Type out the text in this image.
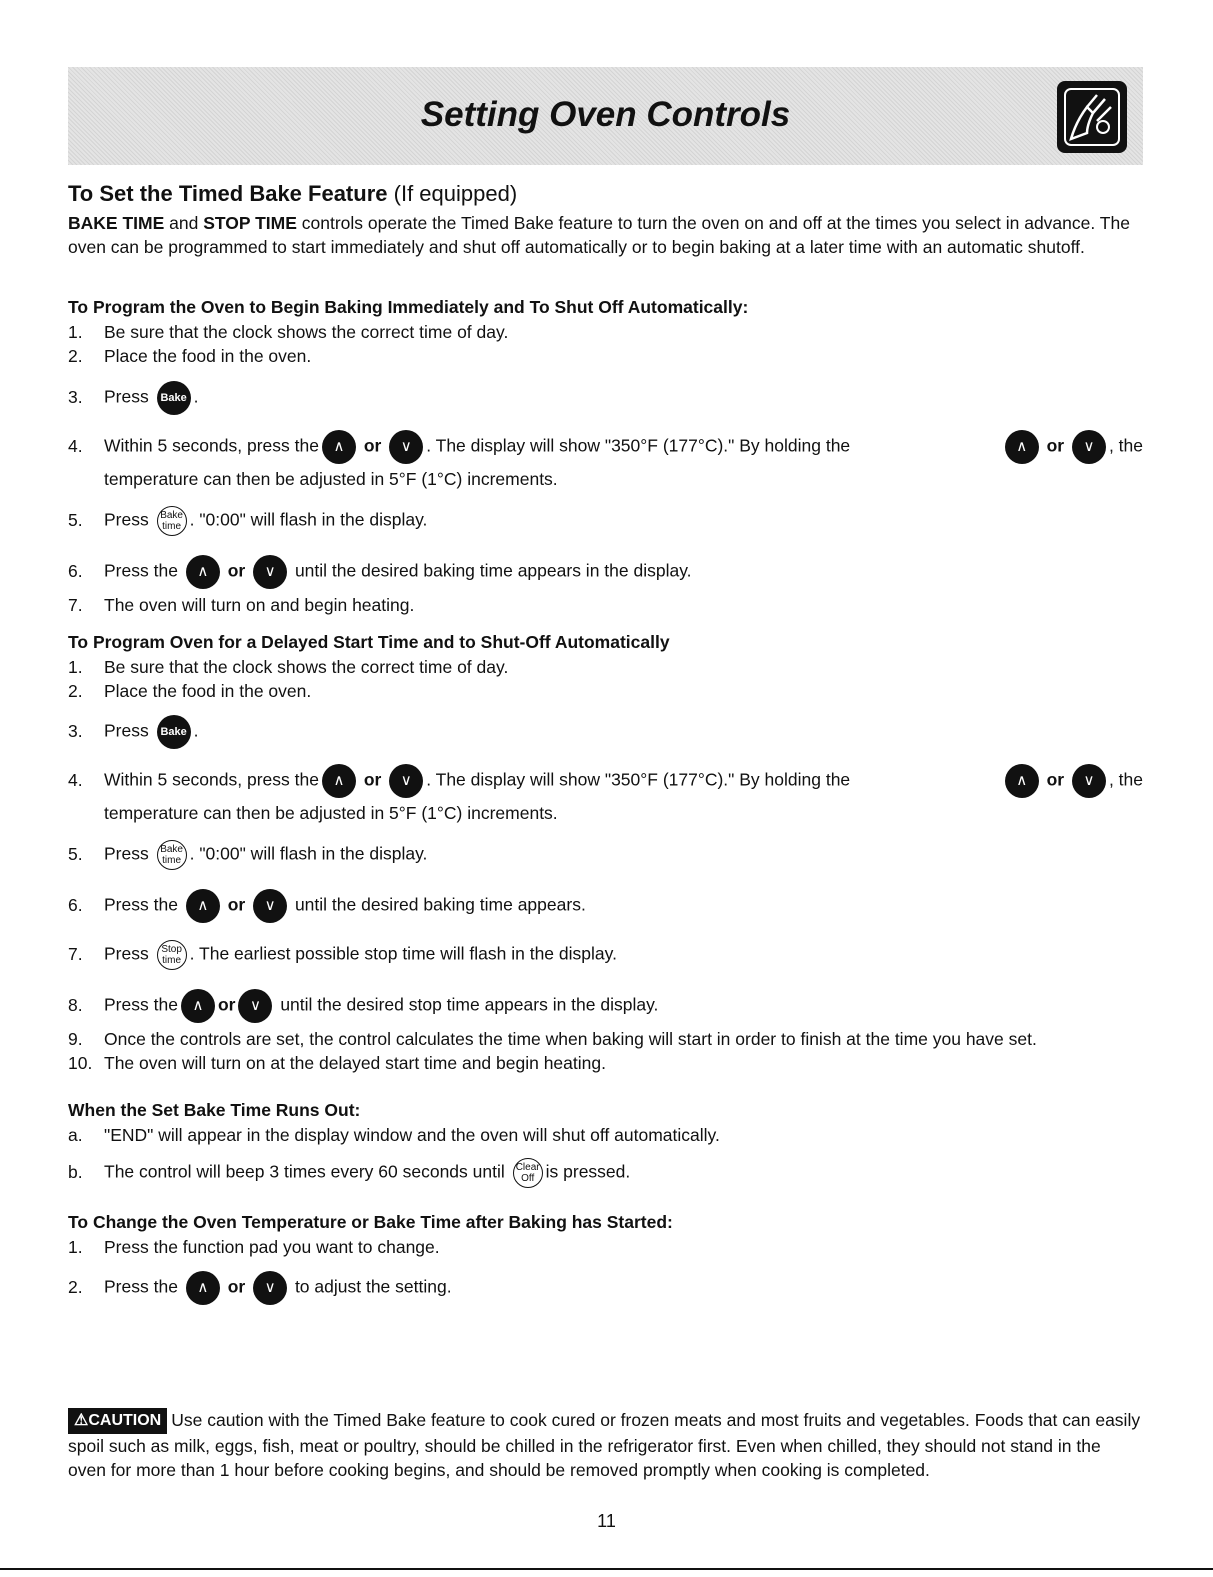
Setting Oven Controls
To Set the Timed Bake Feature (If equipped)
BAKE TIME and STOP TIME controls operate the Timed Bake feature to turn the oven on and off at the times you select in advance. The oven can be programmed to start immediately and shut off automatically or to begin baking at a later time with an automatic shutoff.
To Program the Oven to Begin Baking Immediately and To Shut Off Automatically:
1. Be sure that the clock shows the correct time of day.
2. Place the food in the oven.
3. Press Bake .
4. Within 5 seconds, press the ∧ or ∨ . The display will show "350°F (177°C)." By holding the	∧ or ∨ , the
temperature can then be adjusted in 5°F (1°C) increments.
5. Press Bake time . "0:00" will flash in the display.
6. Press the ∧ or ∨ until the desired baking time appears in the display.
7. The oven will turn on and begin heating.
To Program Oven for a Delayed Start Time and to Shut-Off Automatically
1. Be sure that the clock shows the correct time of day.
2. Place the food in the oven.
3. Press Bake .
4. Within 5 seconds, press the ∧ or ∨ . The display will show "350°F (177°C)." By holding the	∧ or ∨ , the
temperature can then be adjusted in 5°F (1°C) increments.
5. Press Bake time . "0:00" will flash in the display.
6. Press the ∧ or ∨ until the desired baking time appears.
7. Press Stop time . The earliest possible stop time will flash in the display.
8. Press the ∧ or ∨ until the desired stop time appears in the display.
9. Once the controls are set, the control calculates the time when baking will start in order to finish at the time you have set.
10. The oven will turn on at the delayed start time and begin heating.
When the Set Bake Time Runs Out:
a. "END" will appear in the display window and the oven will shut off automatically.
b. The control will beep 3 times every 60 seconds until Clear Off is pressed.
To Change the Oven Temperature or Bake Time after Baking has Started:
1. Press the function pad you want to change.
2. Press the ∧ or ∨ to adjust the setting.
⚠CAUTION Use caution with the Timed Bake feature to cook cured or frozen meats and most fruits and vegetables. Foods that can easily spoil such as milk, eggs, fish, meat or poultry, should be chilled in the refrigerator first. Even when chilled, they should not stand in the oven for more than 1 hour before cooking begins, and should be removed promptly when cooking is completed.
11
